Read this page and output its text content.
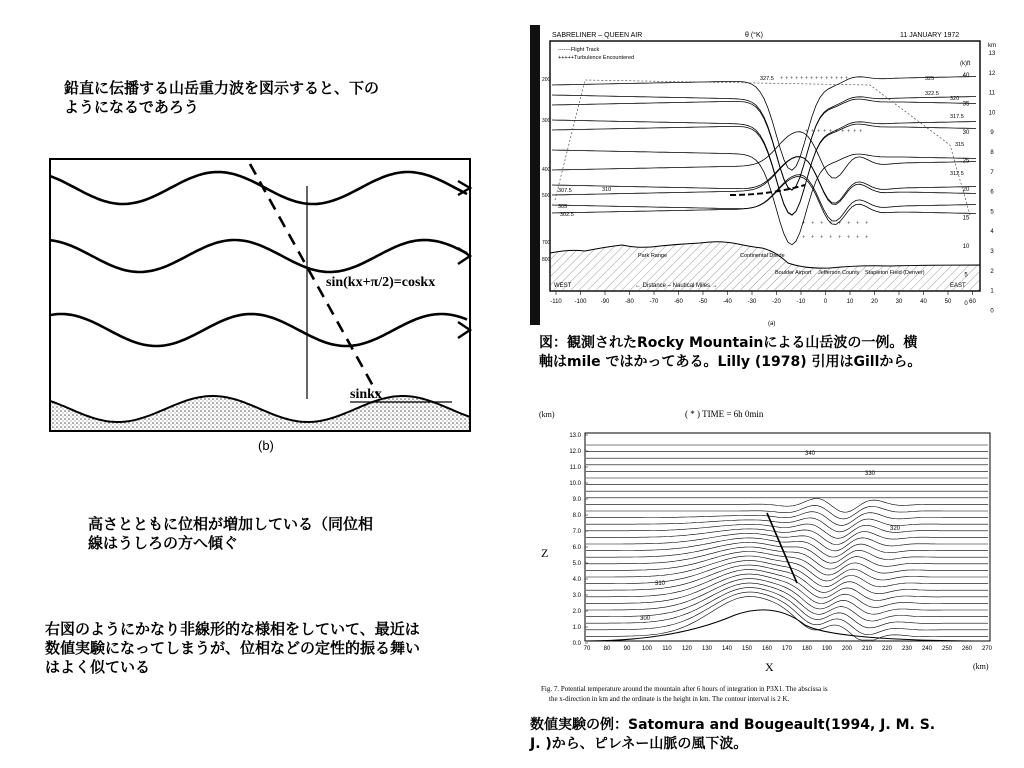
鉛直に伝播する山岳重力波を図示すると、下の
ようになるであろう
高さとともに位相が増加している（同位相
線はうしろの方へ傾ぐ
右図のようにかなり非線形的な様相をしていて、最近は
数値実験になってしまうが、位相などの定性的振る舞い
はよく似ている
sin(kx+π/2)=coskx
sinkx
(b)
SABRELINER – QUEEN AIR	θ (°K)	11 JANUARY 1972
-------Flight Track
+++++Turbulence Encountered
+ + + + + + + + + + + + + +
+ + + + + + + + + +
+ + + + + + + +
+ + + + + + + +
327.5	325
322.5
320
317.5
315
312.5
310
307.5
305
302.5
Park Range	Continental Divide
Boulder Airport Jefferson County Stapleton Field (Denver)
WEST	EAST
← Distance – Nautical Miles →
km
(k)ft
40
35
30
25
20
15
10
5
0
13
12
11
10
9
8
7
6
5
4
3
2
1
0
200
300
400
500
700
800
-110 -100 -90	-80	-70	-60	-50	-40	-30	-20	-10	0	10	20	30	40	50	60
(a)
図：観測されたRocky Mountainによる山岳波の一例。横
軸はmile ではかってある。Lilly (1978) 引用はGillから。
(km)	( * ) TIME = 6h 0min
340
330
320
310
300
13.0
12.0
11.0
10.0
9.0
8.0
7.0
6.0
5.0
4.0
3.0
2.0
1.0
0.0
70 80 90 100 110 120 130 140 150 160 170 180 190 200 210 220 230 240 250 260 270
Z
X	(km)
Fig. 7. Potential temperature around the mountain after 6 hours of integration in P3X1. The abscissa is
the x-direction in km and the ordinate is the height in km. The contour interval is 2 K.
数値実験の例：Satomura and Bougeault(1994, J. M. S.
J. )から、ピレネー山脈の風下波。
